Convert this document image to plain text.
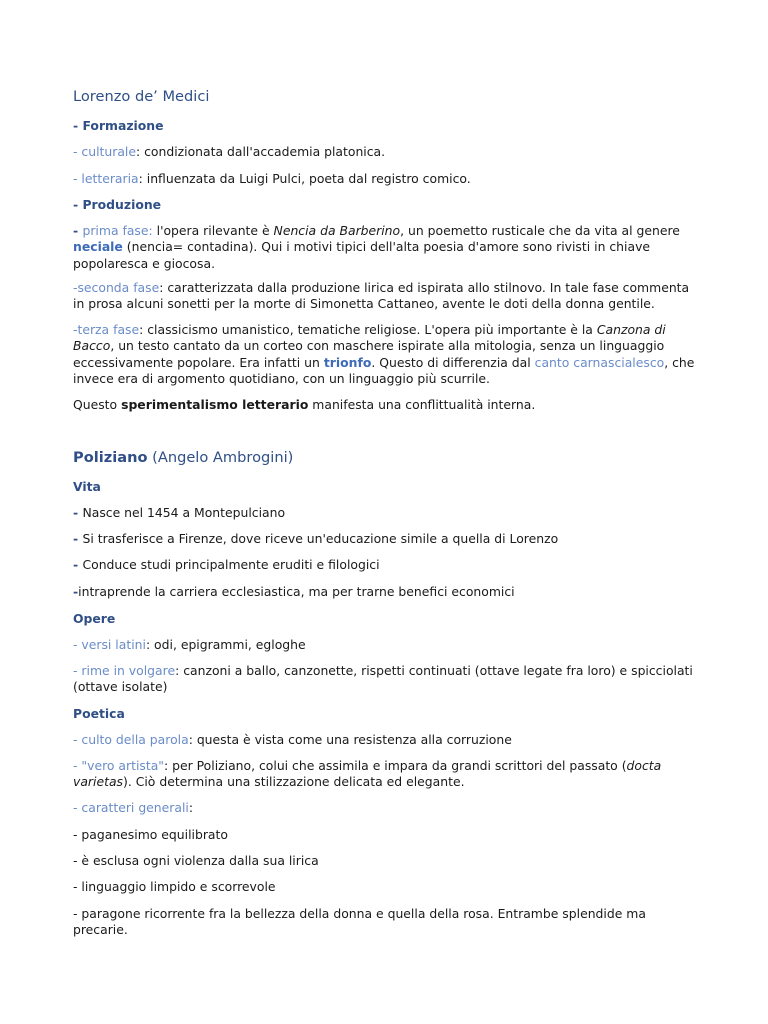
Lorenzo de’ Medici
- Formazione
- culturale: condizionata dall'accademia platonica.
- letteraria: influenzata da Luigi Pulci, poeta dal registro comico.
- Produzione
- prima fase: l'opera rilevante è Nencia da Barberino, un poemetto rusticale che da vita al genere neciale (nencia= contadina). Qui i motivi tipici dell'alta poesia d'amore sono rivisti in chiave popolaresca e giocosa.
-seconda fase: caratterizzata dalla produzione lirica ed ispirata allo stilnovo. In tale fase commenta in prosa alcuni sonetti per la morte di Simonetta Cattaneo, avente le doti della donna gentile.
-terza fase: classicismo umanistico, tematiche religiose. L'opera più importante è la Canzona di Bacco, un testo cantato da un corteo con maschere ispirate alla mitologia, senza un linguaggio eccessivamente popolare. Era infatti un trionfo. Questo di differenzia dal canto carnascialesco, che invece era di argomento quotidiano, con un linguaggio più scurrile.
Questo sperimentalismo letterario manifesta una conflittualità interna.
Poliziano (Angelo Ambrogini)
Vita
- Nasce nel 1454 a Montepulciano
- Si trasferisce a Firenze, dove riceve un'educazione simile a quella di Lorenzo
- Conduce studi principalmente eruditi e filologici
-intraprende la carriera ecclesiastica, ma per trarne benefici economici
Opere
- versi latini: odi, epigrammi, egloghe
- rime in volgare: canzoni a ballo, canzonette, rispetti continuati (ottave legate fra loro) e spicciolati (ottave isolate)
Poetica
- culto della parola: questa è vista come una resistenza alla corruzione
- "vero artista": per Poliziano, colui che assimila e impara da grandi scrittori del passato (docta varietas). Ciò determina una stilizzazione delicata ed elegante.
- caratteri generali:
- paganesimo equilibrato
- è esclusa ogni violenza dalla sua lirica
- linguaggio limpido e scorrevole
- paragone ricorrente fra la bellezza della donna e quella della rosa. Entrambe splendide ma precarie.
